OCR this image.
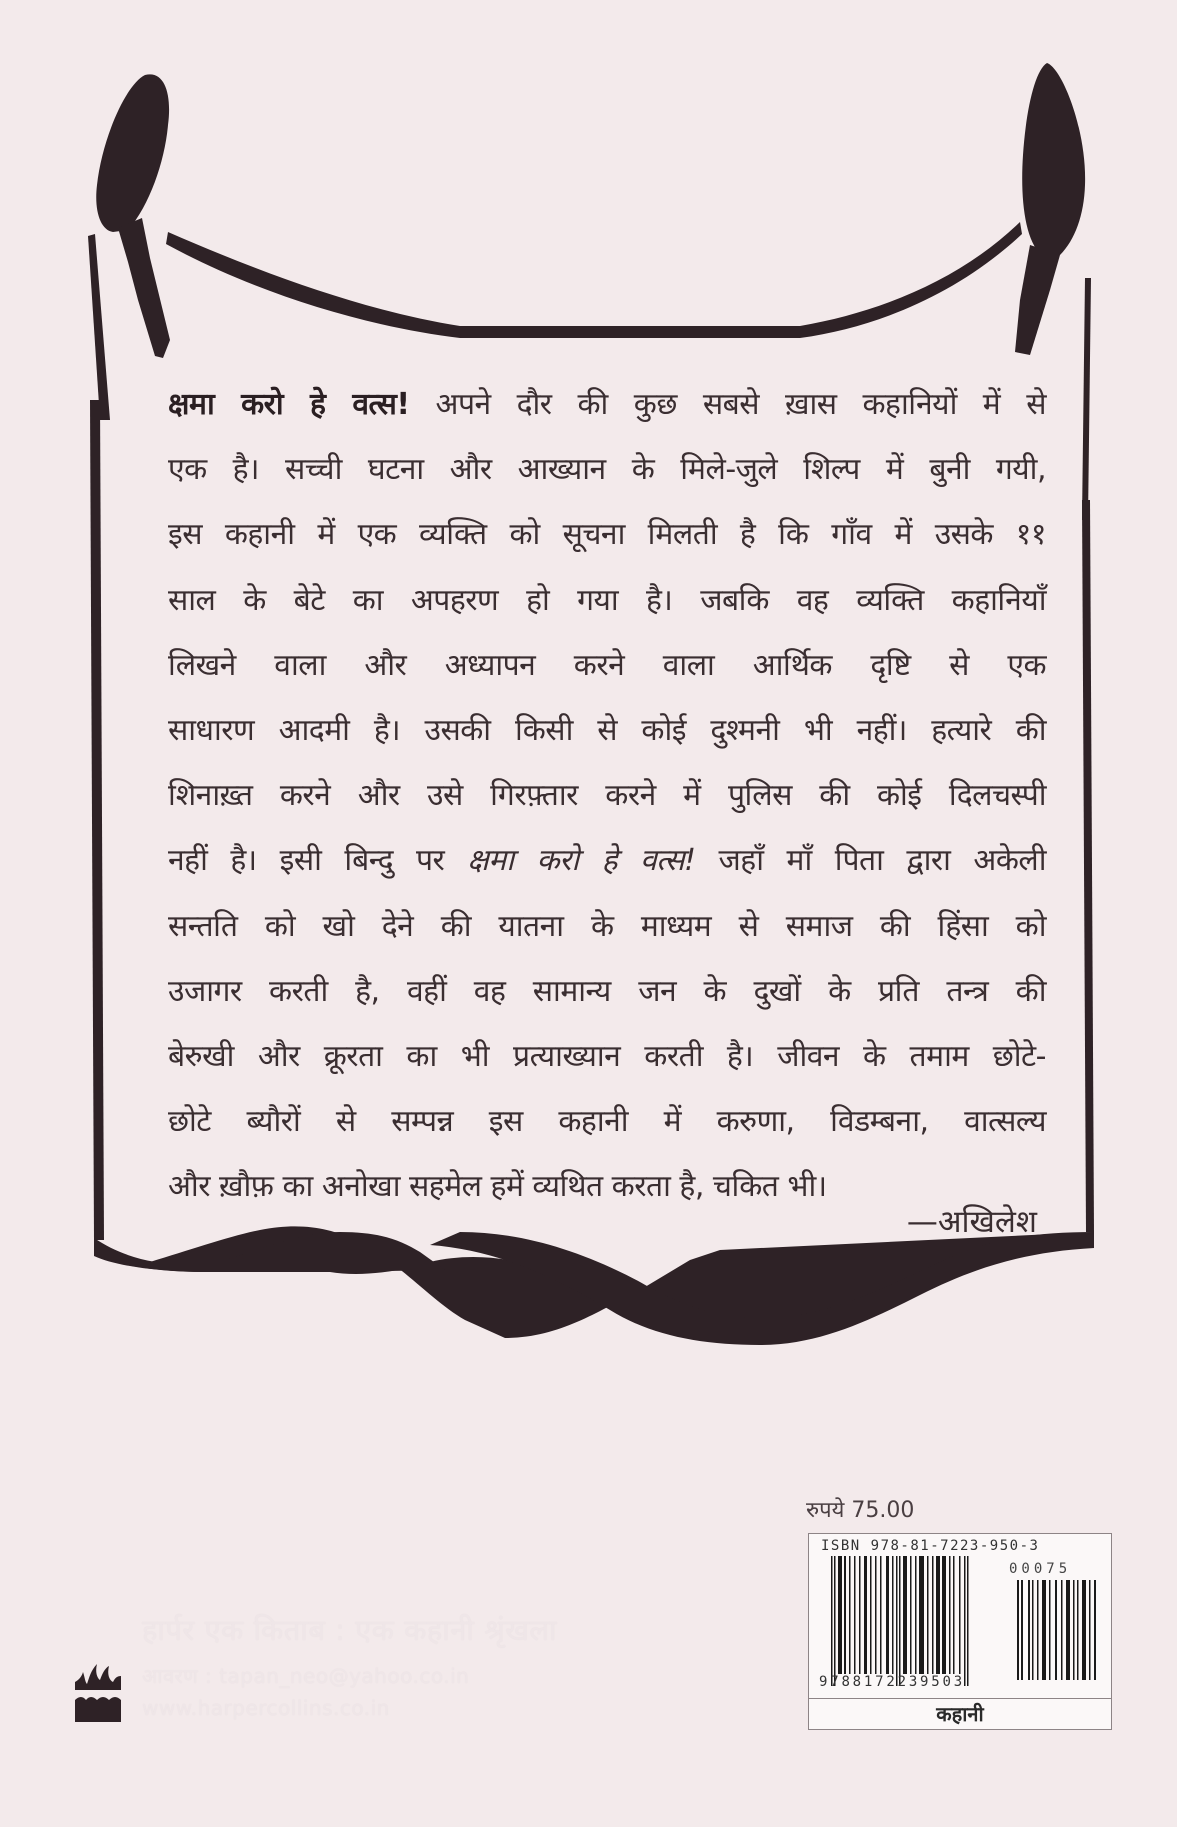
क्षमा करो हे वत्स! अपने दौर की कुछ सबसे ख़ास कहानियों में से
एक है। सच्ची घटना और आख्यान के मिले-जुले शिल्प में बुनी गयी,
इस कहानी में एक व्यक्ति को सूचना मिलती है कि गाँव में उसके ११
साल के बेटे का अपहरण हो गया है। जबकि वह व्यक्ति कहानियाँ
लिखने वाला और अध्यापन करने वाला आर्थिक दृष्टि से एक
साधारण आदमी है। उसकी किसी से कोई दुश्मनी भी नहीं। हत्यारे की
शिनाख़्त करने और उसे गिरफ़्तार करने में पुलिस की कोई दिलचस्पी
नहीं है। इसी बिन्दु पर क्षमा करो हे वत्स! जहाँ माँ पिता द्वारा अकेली
सन्तति को खो देने की यातना के माध्यम से समाज की हिंसा को
उजागर करती है, वहीं वह सामान्य जन के दुखों के प्रति तन्त्र की
बेरुखी और क्रूरता का भी प्रत्याख्यान करती है। जीवन के तमाम छोटे-
छोटे ब्यौरों से सम्पन्न इस कहानी में करुणा, विडम्बना, वात्सल्य
और ख़ौफ़ का अनोखा सहमेल हमें व्यथित करता है, चकित भी।
—अखिलेश
रुपये 75.00
ISBN 978-81-7223-950-3
00075
9788172239503
कहानी
हार्पर एक किताब : एक कहानी श्रृंखला
आवरण : tapan_neo@yahoo.co.in
www.harpercollins.co.in
